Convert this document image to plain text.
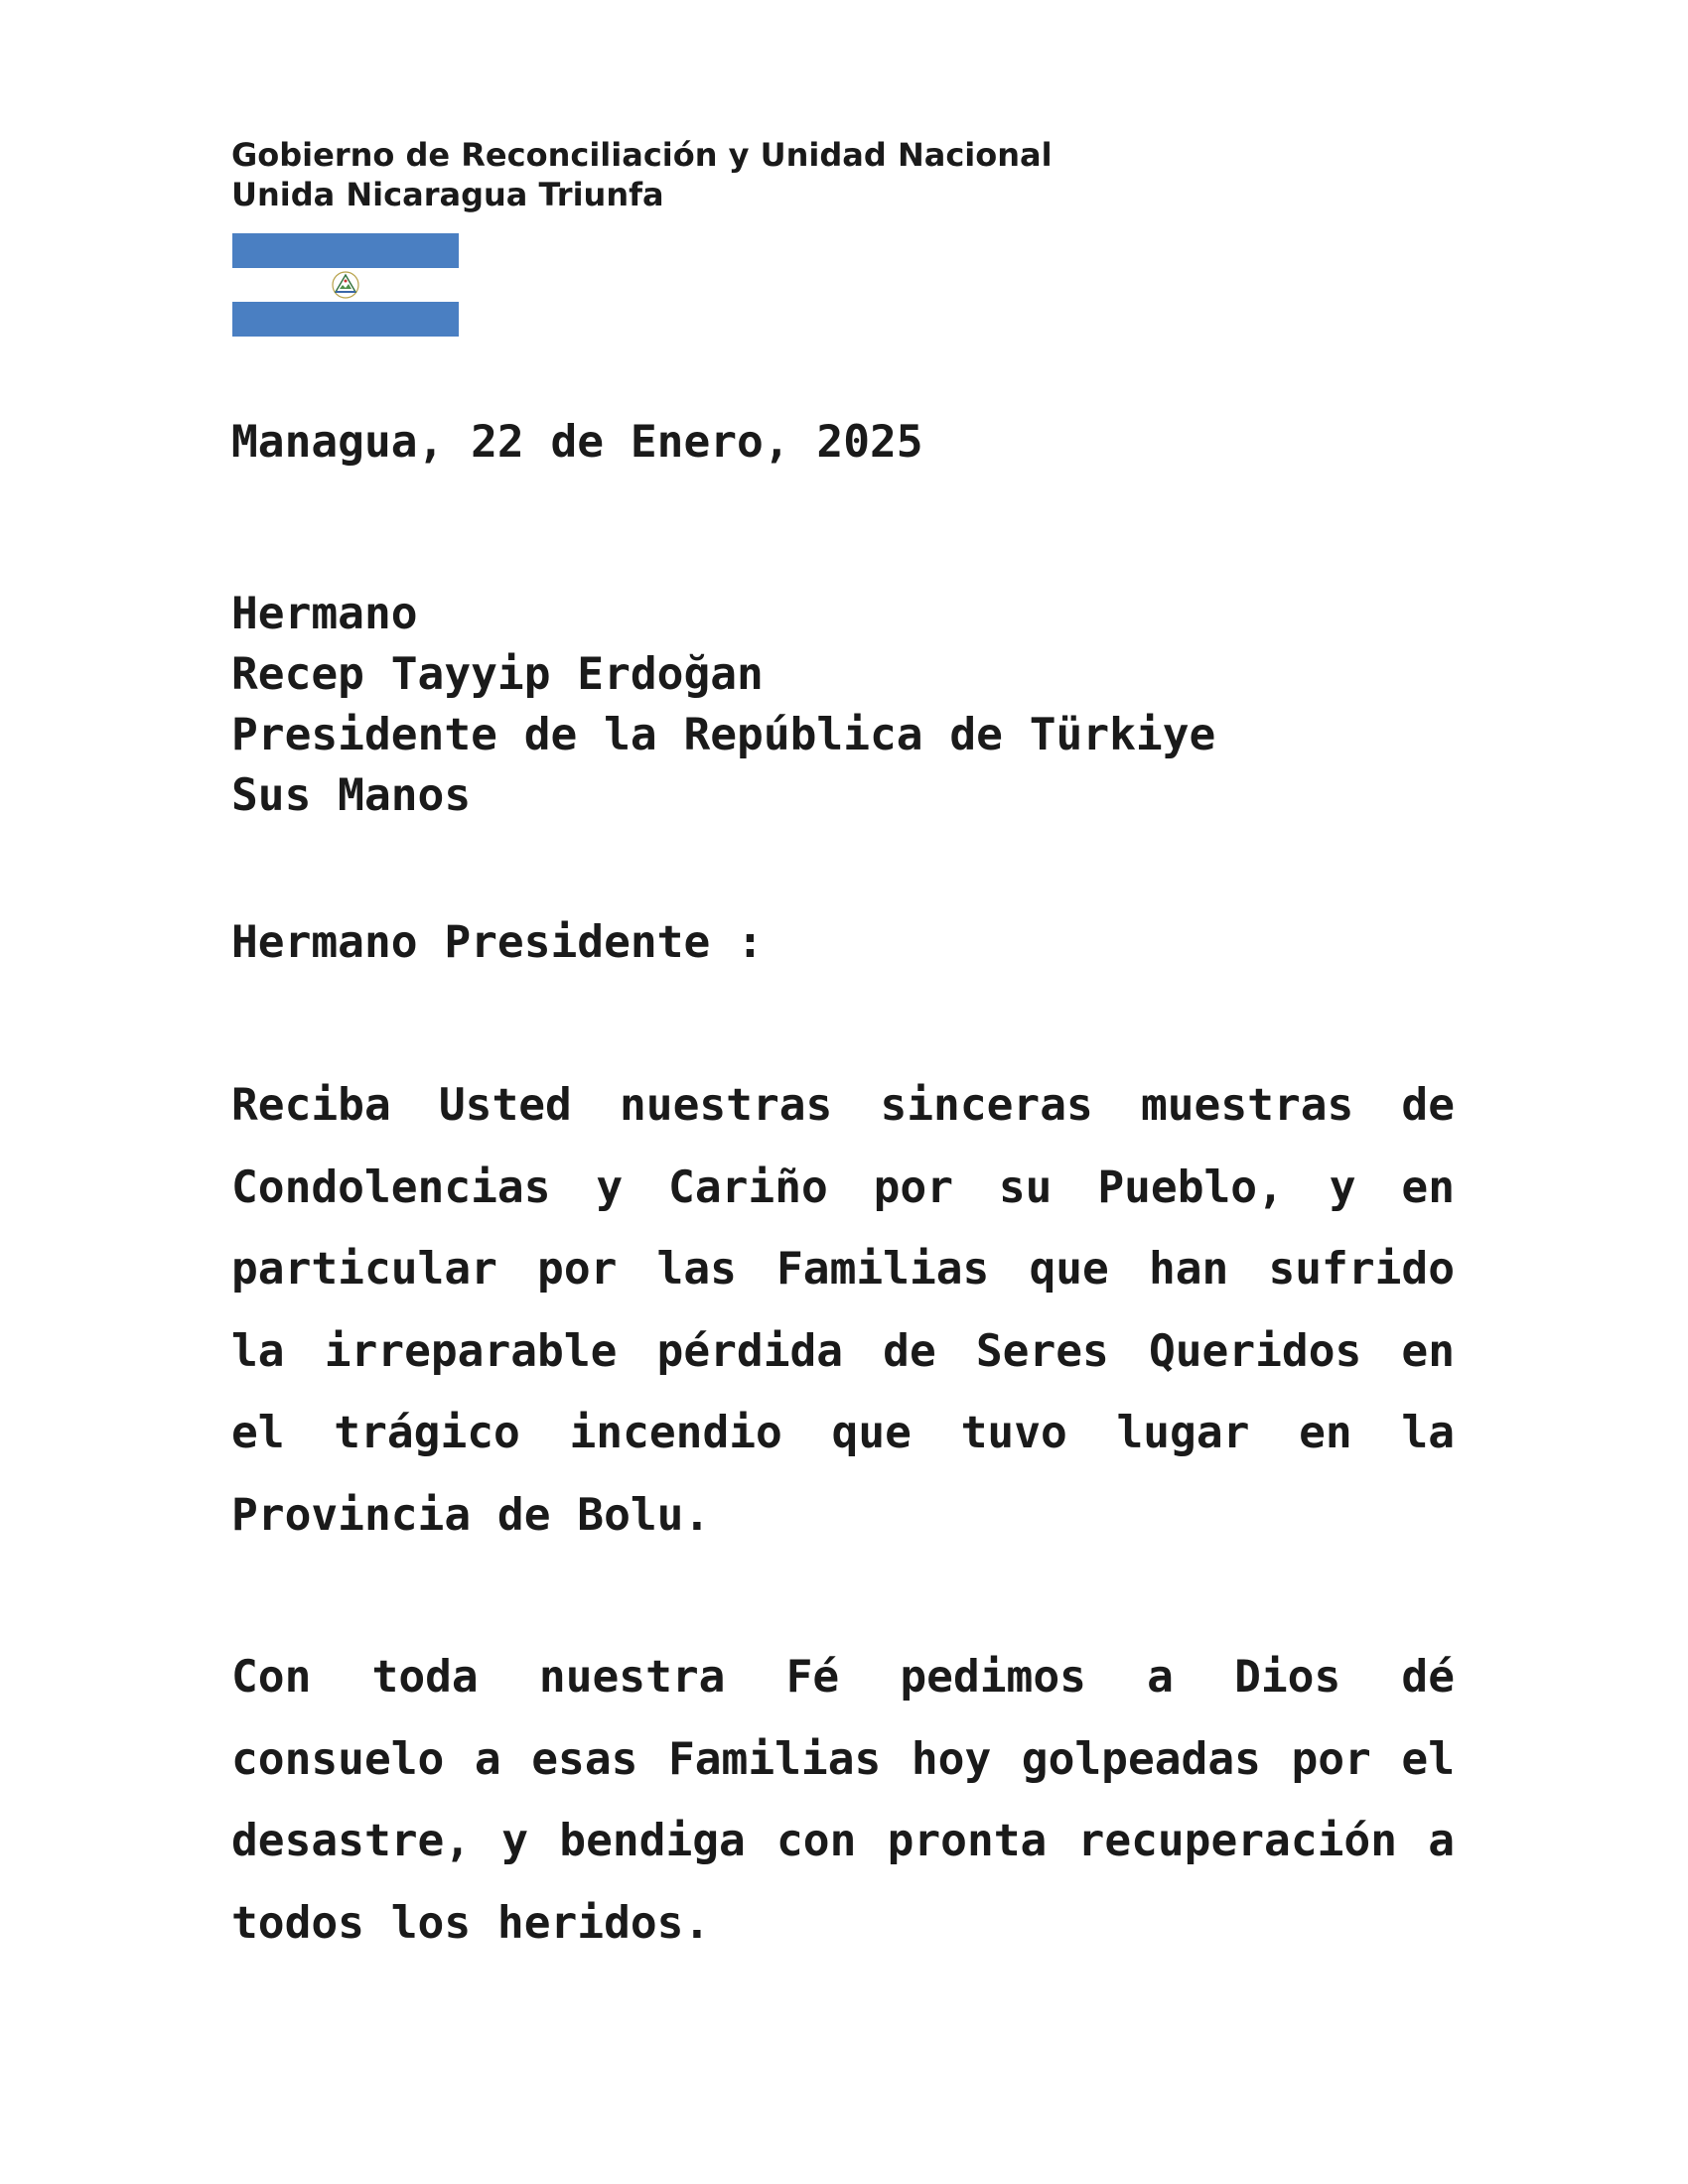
Gobierno de Reconciliación y Unidad Nacional
Unida Nicaragua Triunfa
Managua, 22 de Enero, 2025
Hermano
Recep Tayyip Erdoğan
Presidente de la República de Türkiye
Sus Manos
Hermano Presidente :

Reciba Usted nuestras sinceras muestras de Condolencias y Cariño por su Pueblo, y en particular por las Familias que han sufrido la irreparable pérdida de Seres Queridos en el trágico incendio que tuvo lugar en la Provincia de Bolu.

Con toda nuestra Fé pedimos a Dios dé consuelo a esas Familias hoy golpeadas por el desastre, y bendiga con pronta recuperación a todos los heridos.
